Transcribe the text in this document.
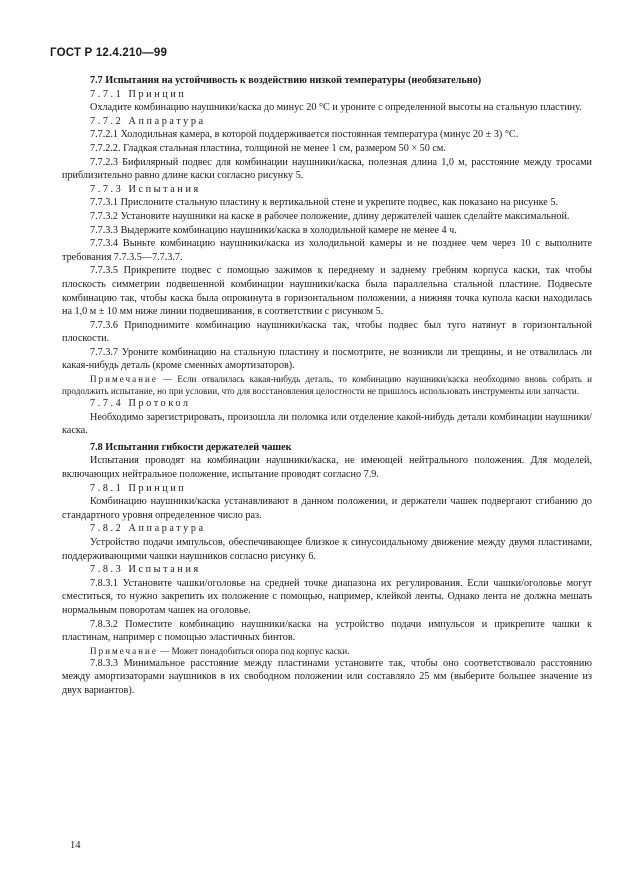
ГОСТ Р 12.4.210—99

7.7 Испытания на устойчивость к воздействию низкой температуры (необязательно)

7.7.1 Принцип

Охладите комбинацию наушники/каска до минус 20 °С и уроните с определенной высоты на стальную пластину.

7.7.2 Аппаратура

7.7.2.1 Холодильная камера, в которой поддерживается постоянная температура (минус 20 ± 3) °С.

7.7.2.2. Гладкая стальная пластина, толщиной не менее 1 см, размером 50 × 50 см.

7.7.2.3 Бифилярный подвес для комбинации наушники/каска, полезная длина 1,0 м, расстояние между тросами приблизительно равно длине каски согласно рисунку 5.

7.7.3 Испытания

7.7.3.1 Прислоните стальную пластину к вертикальной стене и укрепите подвес, как показано на рисунке 5.

7.7.3.2 Установите наушники на каске в рабочее положение, длину держателей чашек сделайте максимальной.

7.7.3.3 Выдержите комбинацию наушники/каска в холодильной камере не менее 4 ч.

7.7.3.4 Выньте комбинацию наушники/каска из холодильной камеры и не позднее чем через 10 с выполните требования 7.7.3.5—7.7.3.7.

7.7.3.5 Прикрепите подвес с помощью зажимов к переднему и заднему гребням корпуса каски, так чтобы плоскость симметрии подвешенной комбинации наушники/каска была параллельна стальной пластине. Подвесьте комбинацию так, чтобы каска была опрокинута в горизонтальном положении, а нижняя точка купола каски находилась на 1,0 м ± 10 мм ниже линии подвешивания, в соответствии с рисунком 5.

7.7.3.6 Приподнимите комбинацию наушники/каска так, чтобы подвес был туго натянут в горизонтальной плоскости.

7.7.3.7 Уроните комбинацию на стальную пластину и посмотрите, не возникли ли трещины, и не отвалилась ли какая-нибудь деталь (кроме сменных амортизаторов).

Примечание — Если отвалилась какая-нибудь деталь, то комбинацию наушники/каска необходимо вновь собрать и продолжить испытание, но при условии, что для восстановления целостности не пришлось использовать инструменты или запчасти.

7.7.4 Протокол

Необходимо зарегистрировать, произошла ли поломка или отделение какой-нибудь детали комбинации наушники/каска.

7.8 Испытания гибкости держателей чашек

Испытания проводят на комбинации наушники/каска, не имеющей нейтрального положения. Для моделей, включающих нейтральное положение, испытание проводят согласно 7.9.

7.8.1 Принцип

Комбинацию наушники/каска устанавливают в данном положении, и держатели чашек подвергают сгибанию до стандартного уровня определенное число раз.

7.8.2 Аппаратура

Устройство подачи импульсов, обеспечивающее близкое к синусоидальному движение между двумя пластинами, поддерживающими чашки наушников согласно рисунку 6.

7.8.3 Испытания

7.8.3.1 Установите чашки/оголовье на средней точке диапазона их регулирования. Если чашки/оголовье могут сместиться, то нужно закрепить их положение с помощью, например, клейкой ленты. Однако лента не должна мешать нормальным поворотам чашек на оголовье.

7.8.3.2 Поместите комбинацию наушники/каска на устройство подачи импульсов и прикрепите чашки к пластинам, например с помощью эластичных бинтов.

Примечание — Может понадобиться опора под корпус каски.

7.8.3.3 Минимальное расстояние между пластинами установите так, чтобы оно соответствовало расстоянию между амортизаторами наушников в их свободном положении или составляло 25 мм (выберите большее значение из двух вариантов).

14
